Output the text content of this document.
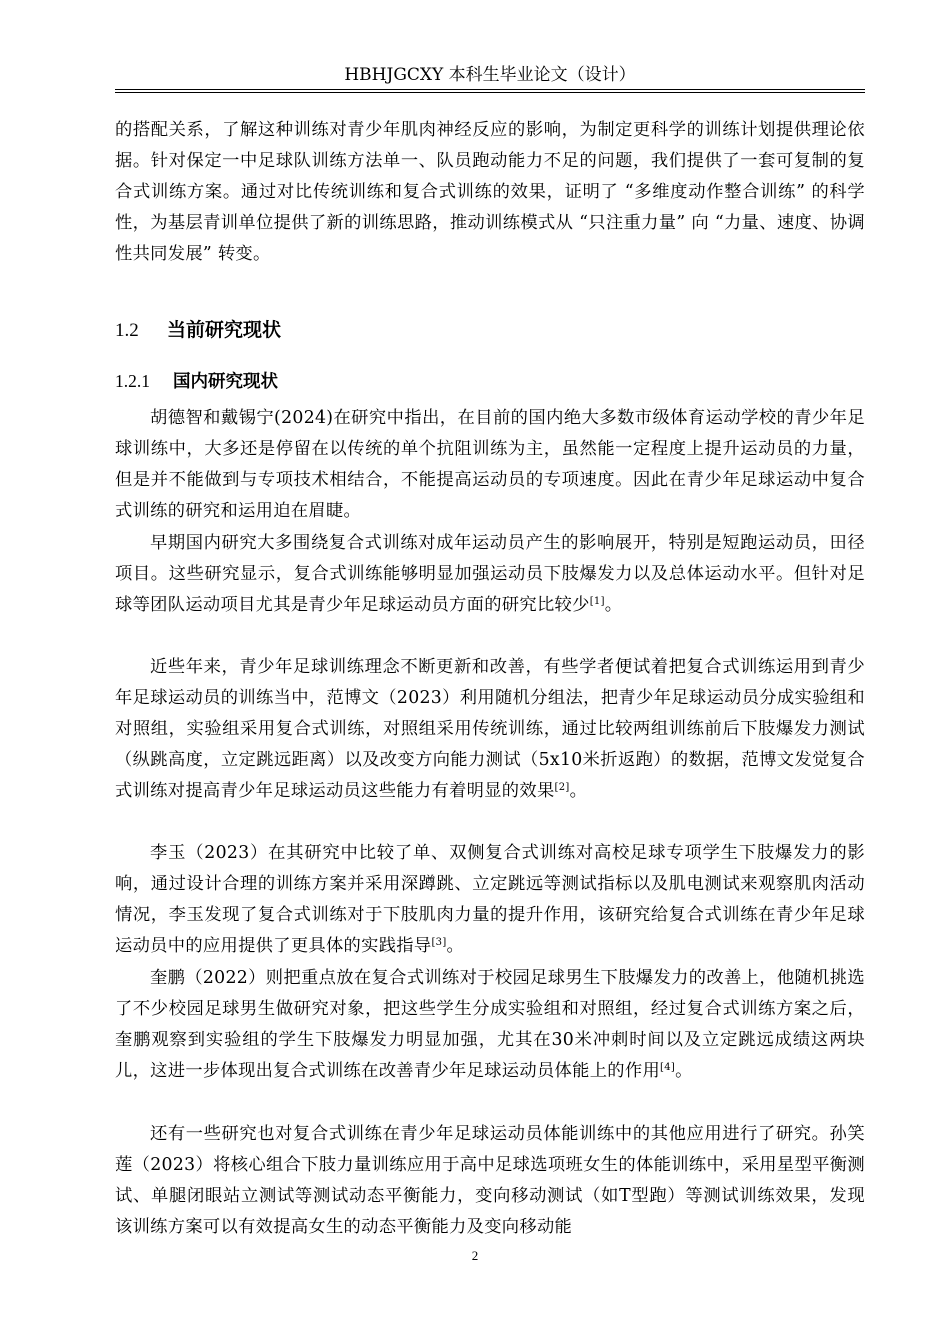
HBHJGCXY 本科生毕业论文（设计）

的搭配关系，了解这种训练对青少年肌肉神经反应的影响，为制定更科学的训练计划提供理论依据。针对保定一中足球队训练方法单一、队员跑动能力不足的问题，我们提供了一套可复制的复合式训练方案。通过对比传统训练和复合式训练的效果，证明了 “多维度动作整合训练” 的科学性，为基层青训单位提供了新的训练思路，推动训练模式从 “只注重力量” 向 “力量、速度、协调性共同发展” 转变。

1.2 当前研究现状
1.2.1 国内研究现状

胡德智和戴锡宁(2024)在研究中指出，在目前的国内绝大多数市级体育运动学校的青少年足球训练中，大多还是停留在以传统的单个抗阻训练为主，虽然能一定程度上提升运动员的力量，但是并不能做到与专项技术相结合，不能提高运动员的专项速度。因此在青少年足球运动中复合式训练的研究和运用迫在眉睫。

早期国内研究大多围绕复合式训练对成年运动员产生的影响展开，特别是短跑运动员，田径项目。这些研究显示，复合式训练能够明显加强运动员下肢爆发力以及总体运动水平。但针对足球等团队运动项目尤其是青少年足球运动员方面的研究比较少[1]。

近些年来，青少年足球训练理念不断更新和改善，有些学者便试着把复合式训练运用到青少年足球运动员的训练当中，范博文（2023）利用随机分组法，把青少年足球运动员分成实验组和对照组，实验组采用复合式训练，对照组采用传统训练，通过比较两组训练前后下肢爆发力测试（纵跳高度，立定跳远距离）以及改变方向能力测试（5x10米折返跑）的数据，范博文发觉复合式训练对提高青少年足球运动员这些能力有着明显的效果[2]。

李玉（2023）在其研究中比较了单、双侧复合式训练对高校足球专项学生下肢爆发力的影响，通过设计合理的训练方案并采用深蹲跳、立定跳远等测试指标以及肌电测试来观察肌肉活动情况，李玉发现了复合式训练对于下肢肌肉力量的提升作用，该研究给复合式训练在青少年足球运动员中的应用提供了更具体的实践指导[3]。

奎鹏（2022）则把重点放在复合式训练对于校园足球男生下肢爆发力的改善上，他随机挑选了不少校园足球男生做研究对象，把这些学生分成实验组和对照组，经过复合式训练方案之后，奎鹏观察到实验组的学生下肢爆发力明显加强，尤其在30米冲刺时间以及立定跳远成绩这两块儿，这进一步体现出复合式训练在改善青少年足球运动员体能上的作用[4]。

还有一些研究也对复合式训练在青少年足球运动员体能训练中的其他应用进行了研究。孙笑莲（2023）将核心组合下肢力量训练应用于高中足球选项班女生的体能训练中，采用星型平衡测试、单腿闭眼站立测试等测试动态平衡能力，变向移动测试（如T型跑）等测试训练效果，发现该训练方案可以有效提高女生的动态平衡能力及变向移动能

2
